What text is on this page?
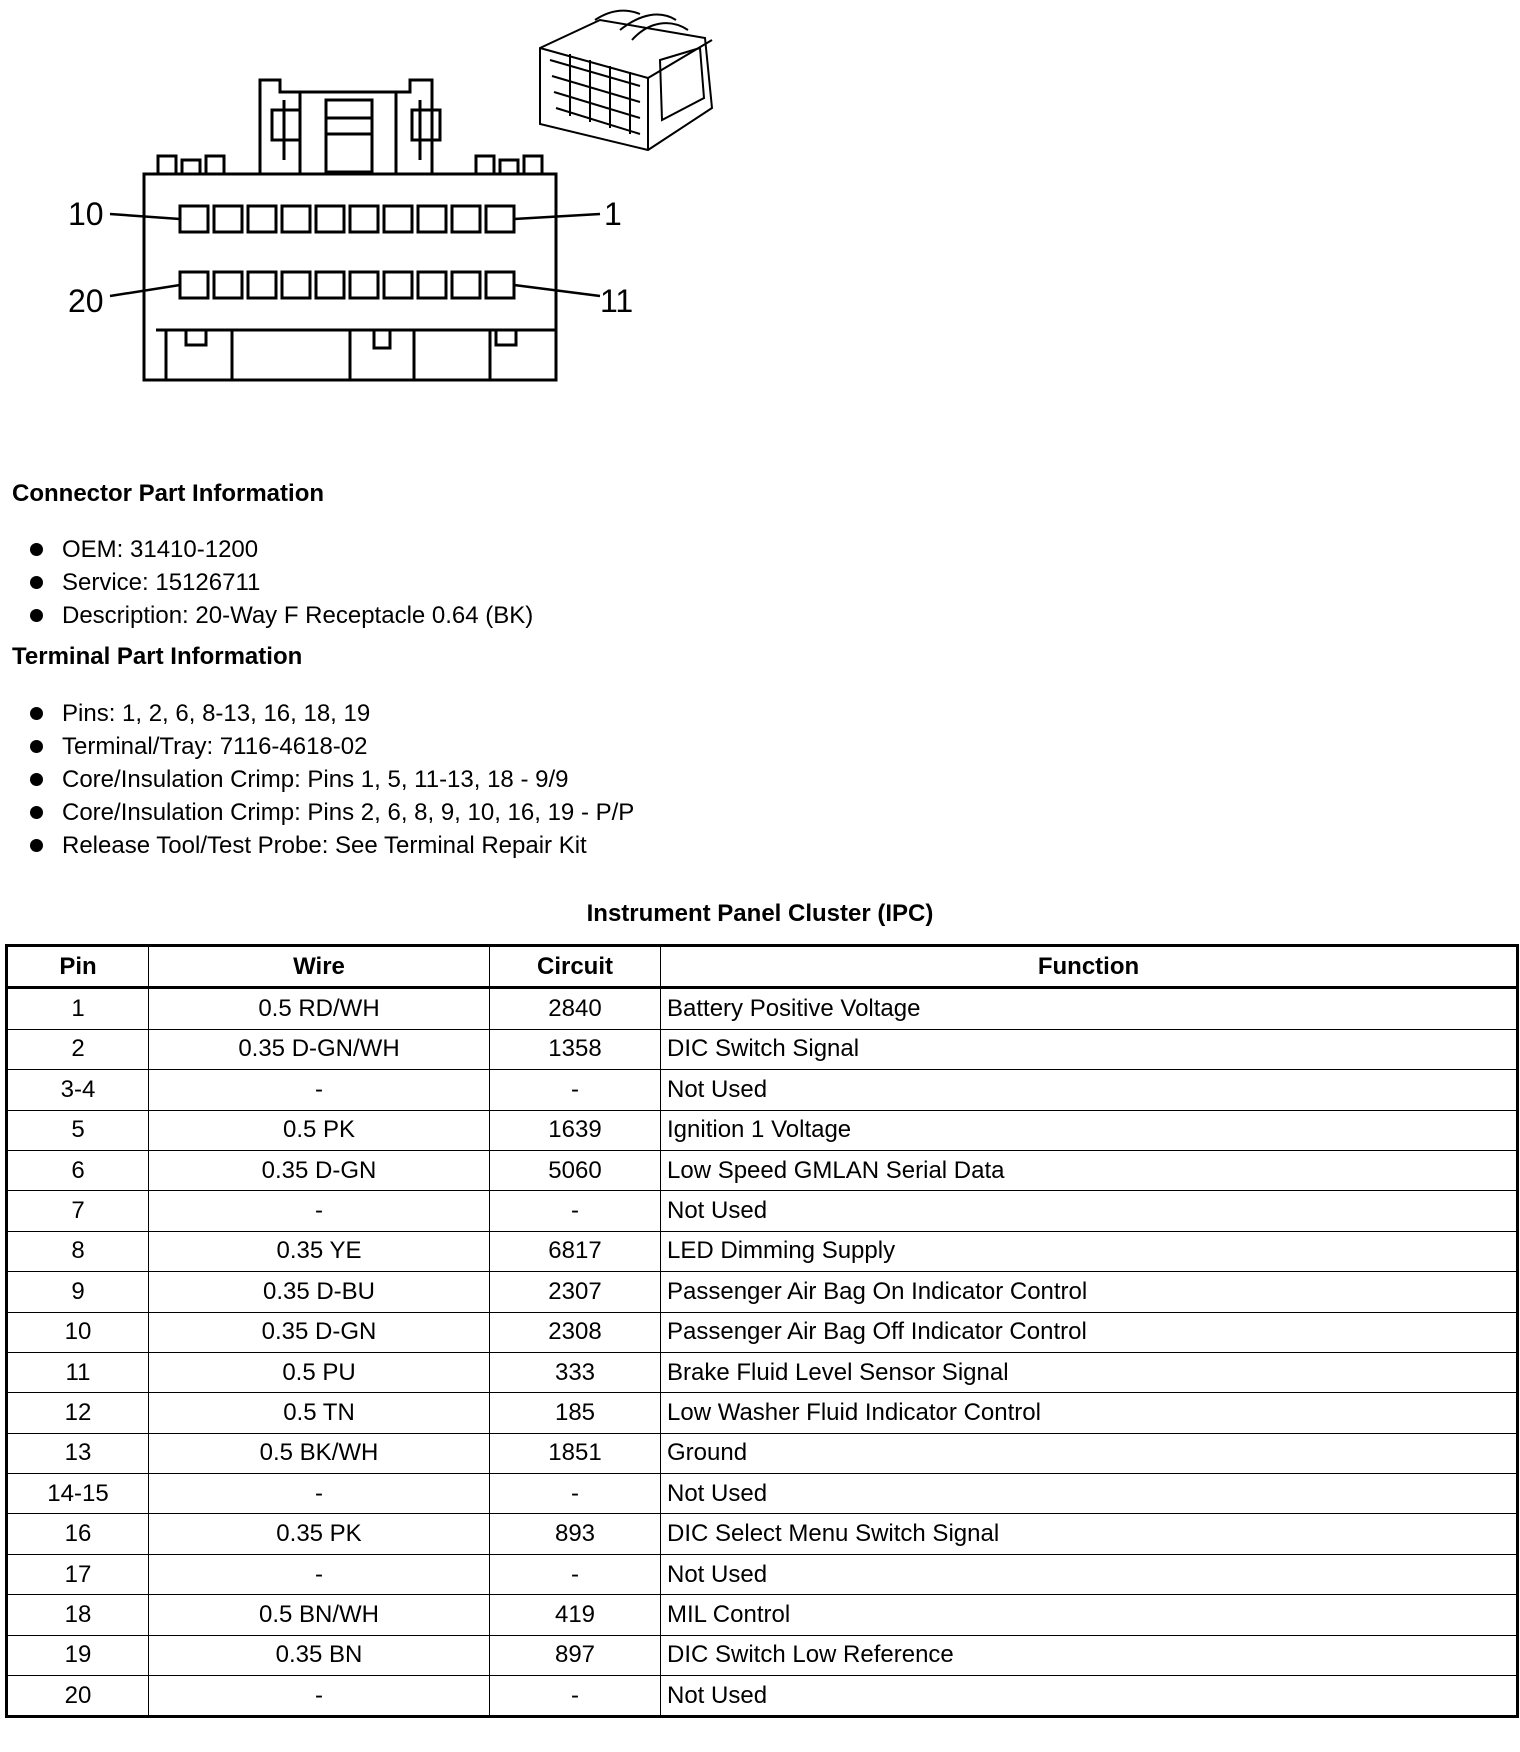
10	1
20	11
Connector Part Information
OEM: 31410-1200
Service: 15126711
Description: 20-Way F Receptacle 0.64 (BK)
Terminal Part Information
Pins: 1, 2, 6, 8-13, 16, 18, 19
Terminal/Tray: 7116-4618-02
Core/Insulation Crimp: Pins 1, 5, 11-13, 18 - 9/9
Core/Insulation Crimp: Pins 2, 6, 8, 9, 10, 16, 19 - P/P
Release Tool/Test Probe: See Terminal Repair Kit
Instrument Panel Cluster (IPC)
Pin	Wire	Circuit	Function
1	0.5 RD/WH	2840	Battery Positive Voltage
2	0.35 D-GN/WH	1358	DIC Switch Signal
3-4	-	-	Not Used
5	0.5 PK	1639	Ignition 1 Voltage
6	0.35 D-GN	5060	Low Speed GMLAN Serial Data
7	-	-	Not Used
8	0.35 YE	6817	LED Dimming Supply
9	0.35 D-BU	2307	Passenger Air Bag On Indicator Control
10	0.35 D-GN	2308	Passenger Air Bag Off Indicator Control
11	0.5 PU	333	Brake Fluid Level Sensor Signal
12	0.5 TN	185	Low Washer Fluid Indicator Control
13	0.5 BK/WH	1851	Ground
14-15	-	-	Not Used
16	0.35 PK	893	DIC Select Menu Switch Signal
17	-	-	Not Used
18	0.5 BN/WH	419	MIL Control
19	0.35 BN	897	DIC Switch Low Reference
20	-	-	Not Used
